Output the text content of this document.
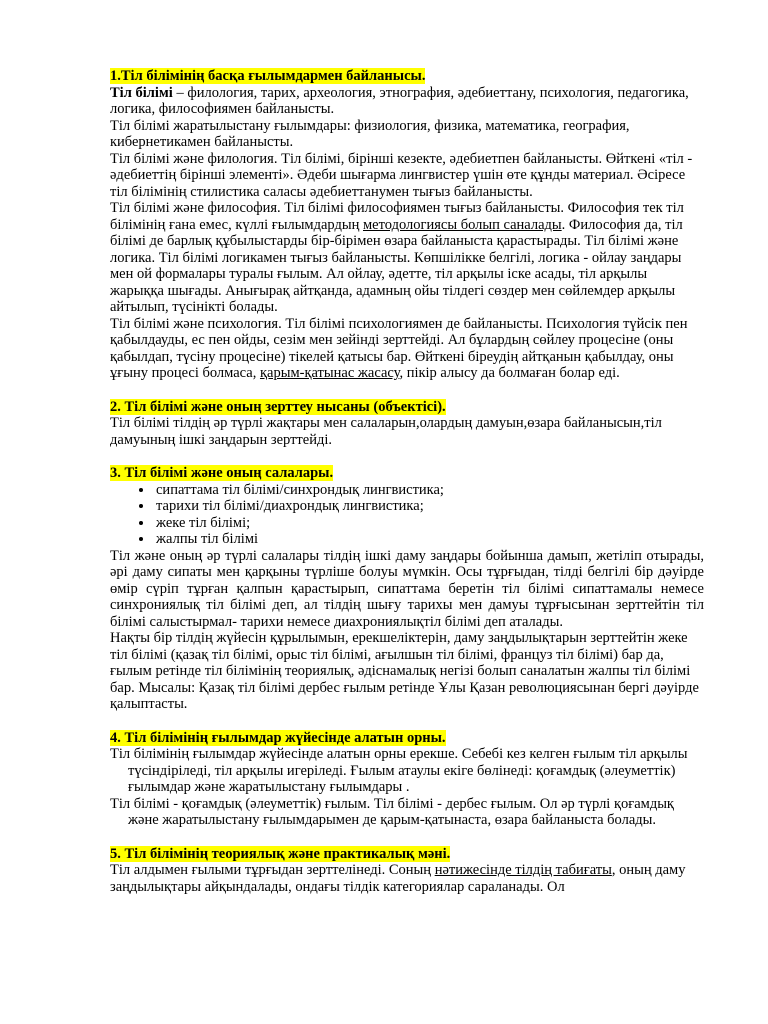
1.Тіл білімінің басқа ғылымдармен байланысы.

Тіл білімі – филология, тарих, археология, этнография, әдебиеттану, психология, педагогика, логика, философиямен байланысты.

Тіл білімі жаратылыстану ғылымдары: физиология, физика, математика, география, кибернетикамен байланысты.

Тіл білімі және филология. Тіл білімі, бірінші кезекте, әдебиетпен байланысты. Өйткені «тіл - әдебиеттің бірінші элементі». Әдеби шығарма лингвистер үшін өте құнды материал. Әсіресе тіл білімінің стилистика саласы әдебиеттанумен тығыз байланысты.

Тіл білімі және философия. Тіл білімі философиямен тығыз байланысты. Философия тек тіл білімінің ғана емес, күллі ғылымдардың методологиясы болып саналады. Философия да, тіл білімі де барлық құбылыстарды бір-бірімен өзара байланыста қарастырады. Тіл білімі және логика. Тіл білімі логикамен тығыз байланысты. Көпшілікке белгілі, логика - ойлау заңдары мен ой формалары туралы ғылым. Ал ойлау, әдетте, тіл арқылы іске асады, тіл арқылы жарыққа шығады. Анығырақ айтқанда, адамның ойы тілдегі сөздер мен сөйлемдер арқылы айтылып, түсінікті болады.

Тіл білімі және психология. Тіл білімі психологиямен де байланысты. Психология түйсік пен қабылдауды, ес пен ойды, сезім мен зейінді зерттейді. Ал бұлардың сөйлеу процесіне (оны қабылдап, түсіну процесіне) тікелей қатысы бар. Өйткені біреудің айтқанын қабылдау, оны ұғыну процесі болмаса, қарым-қатынас жасасу, пікір алысу да болмаған болар еді.

2. Тіл білімі және оның зерттеу нысаны (объектісі).

Тіл білімі тілдің әр түрлі жақтары мен салаларын,олардың дамуын,өзара байланысын,тіл дамуының ішкі заңдарын зерттейді.

3. Тіл білімі және оның салалары.

• сипаттама тіл білімі/синхрондық лингвистика;
• тарихи тіл білімі/диахрондық лингвистика;
• жеке тіл білімі;
• жалпы тіл білімі

Тіл және оның әр түрлі салалары тілдің ішкі даму заңдары бойынша дамып, жетіліп отырады, әрі даму сипаты мен қарқыны түрліше болуы мүмкін. Осы тұрғыдан, тілді белгілі бір дәуірде өмір сүріп тұрған қалпын қарастырып, сипаттама беретін тіл білімі сипаттамалы немесе синхрониялық тіл білімі деп, ал тілдің шығу тарихы мен дамуы тұрғысынан зерттейтін тіл білімі салыстырмал- тарихи немесе диахрониялықтіл білімі деп аталады.

Нақты бір тілдің жүйесін құрылымын, ерекшеліктерін, даму заңдылықтарын зерттейтін жеке тіл білімі (қазақ тіл білімі, орыс тіл білімі, ағылшын тіл білімі, француз тіл білімі) бар да, ғылым ретінде тіл білімінің теориялық, әдіснамалық негізі болып саналатын жалпы тіл білімі бар. Мысалы: Қазақ тіл білімі дербес ғылым ретінде Ұлы Қазан революциясынан бергі дәуірде қалыптасты.

4. Тіл білімінің ғылымдар жүйесінде алатын орны.

Тіл білімінің ғылымдар жүйесінде алатын орны ерекше. Себебі кез келген ғылым тіл арқылы түсіндіріледі, тіл арқылы игеріледі. Ғылым атаулы екіге бөлінеді: қоғамдық (әлеуметтік) ғылымдар және жаратылыстану ғылымдары .

Тіл білімі - қоғамдық (әлеуметтік) ғылым. Тіл білімі - дербес ғылым. Ол әр түрлі қоғамдық және жаратылыстану ғылымдарымен де қарым-қатынаста, өзара байланыста болады.

5. Тіл білімінің теориялық және практикалық мәні.

Тіл алдымен ғылыми тұрғыдан зерттелінеді. Соның нәтижесінде тілдің табиғаты, оның даму заңдылықтары айқындалады, ондағы тілдік категориялар сараланады. Ол
